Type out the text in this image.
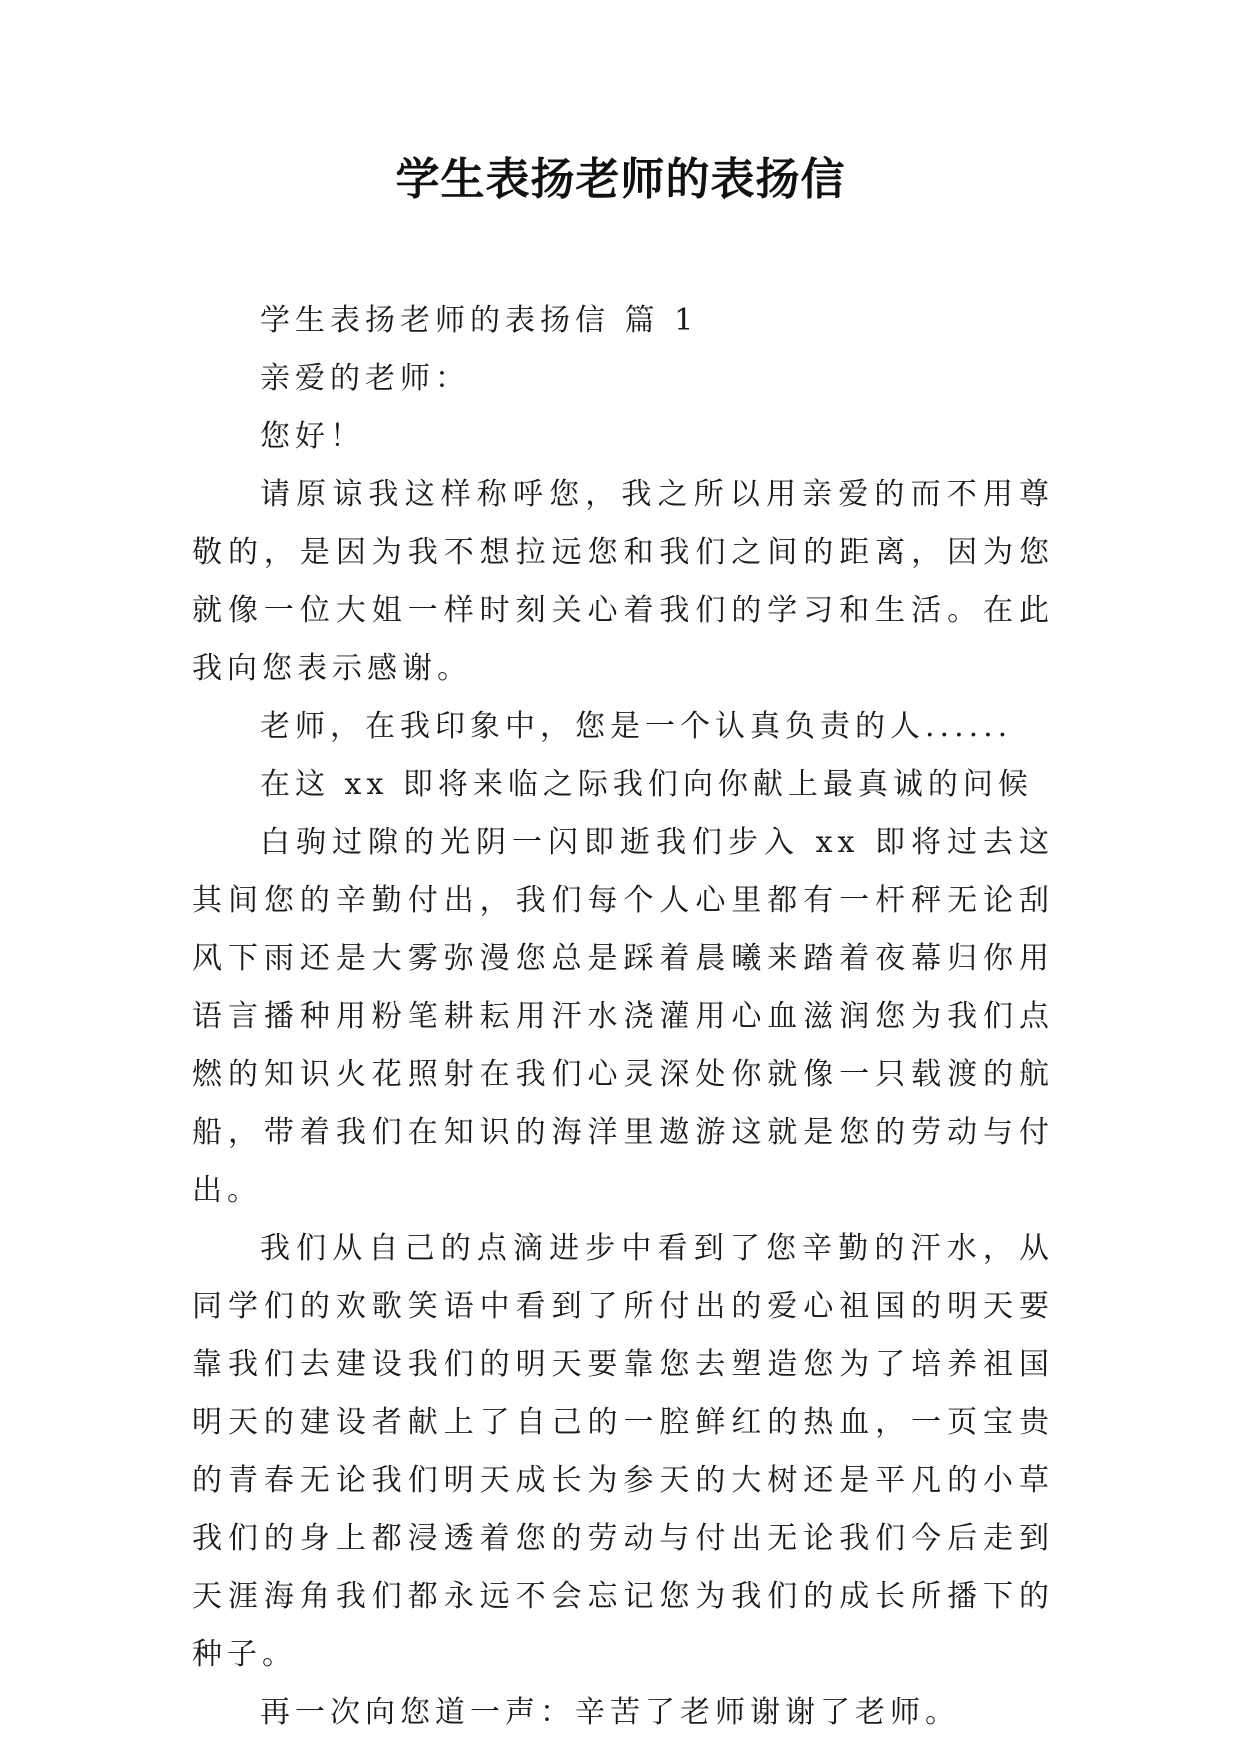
学生表扬老师的表扬信

学生表扬老师的表扬信 篇 1

亲爱的老师：

您好！

请原谅我这样称呼您，我之所以用亲爱的而不用尊敬的，是因为我不想拉远您和我们之间的距离，因为您就像一位大姐一样时刻关心着我们的学习和生活。在此我向您表示感谢。

老师，在我印象中，您是一个认真负责的人......

在这 xx 即将来临之际我们向你献上最真诚的问候

白驹过隙的光阴一闪即逝我们步入 xx 即将过去这其间您的辛勤付出，我们每个人心里都有一杆秤无论刮风下雨还是大雾弥漫您总是踩着晨曦来踏着夜幕归你用语言播种用粉笔耕耘用汗水浇灌用心血滋润您为我们点燃的知识火花照射在我们心灵深处你就像一只载渡的航船，带着我们在知识的海洋里遨游这就是您的劳动与付出。

我们从自己的点滴进步中看到了您辛勤的汗水，从同学们的欢歌笑语中看到了所付出的爱心祖国的明天要靠我们去建设我们的明天要靠您去塑造您为了培养祖国明天的建设者献上了自己的一腔鲜红的热血，一页宝贵的青春无论我们明天成长为参天的大树还是平凡的小草我们的身上都浸透着您的劳动与付出无论我们今后走到天涯海角我们都永远不会忘记您为我们的成长所播下的种子。

再一次向您道一声：辛苦了老师谢谢了老师。
